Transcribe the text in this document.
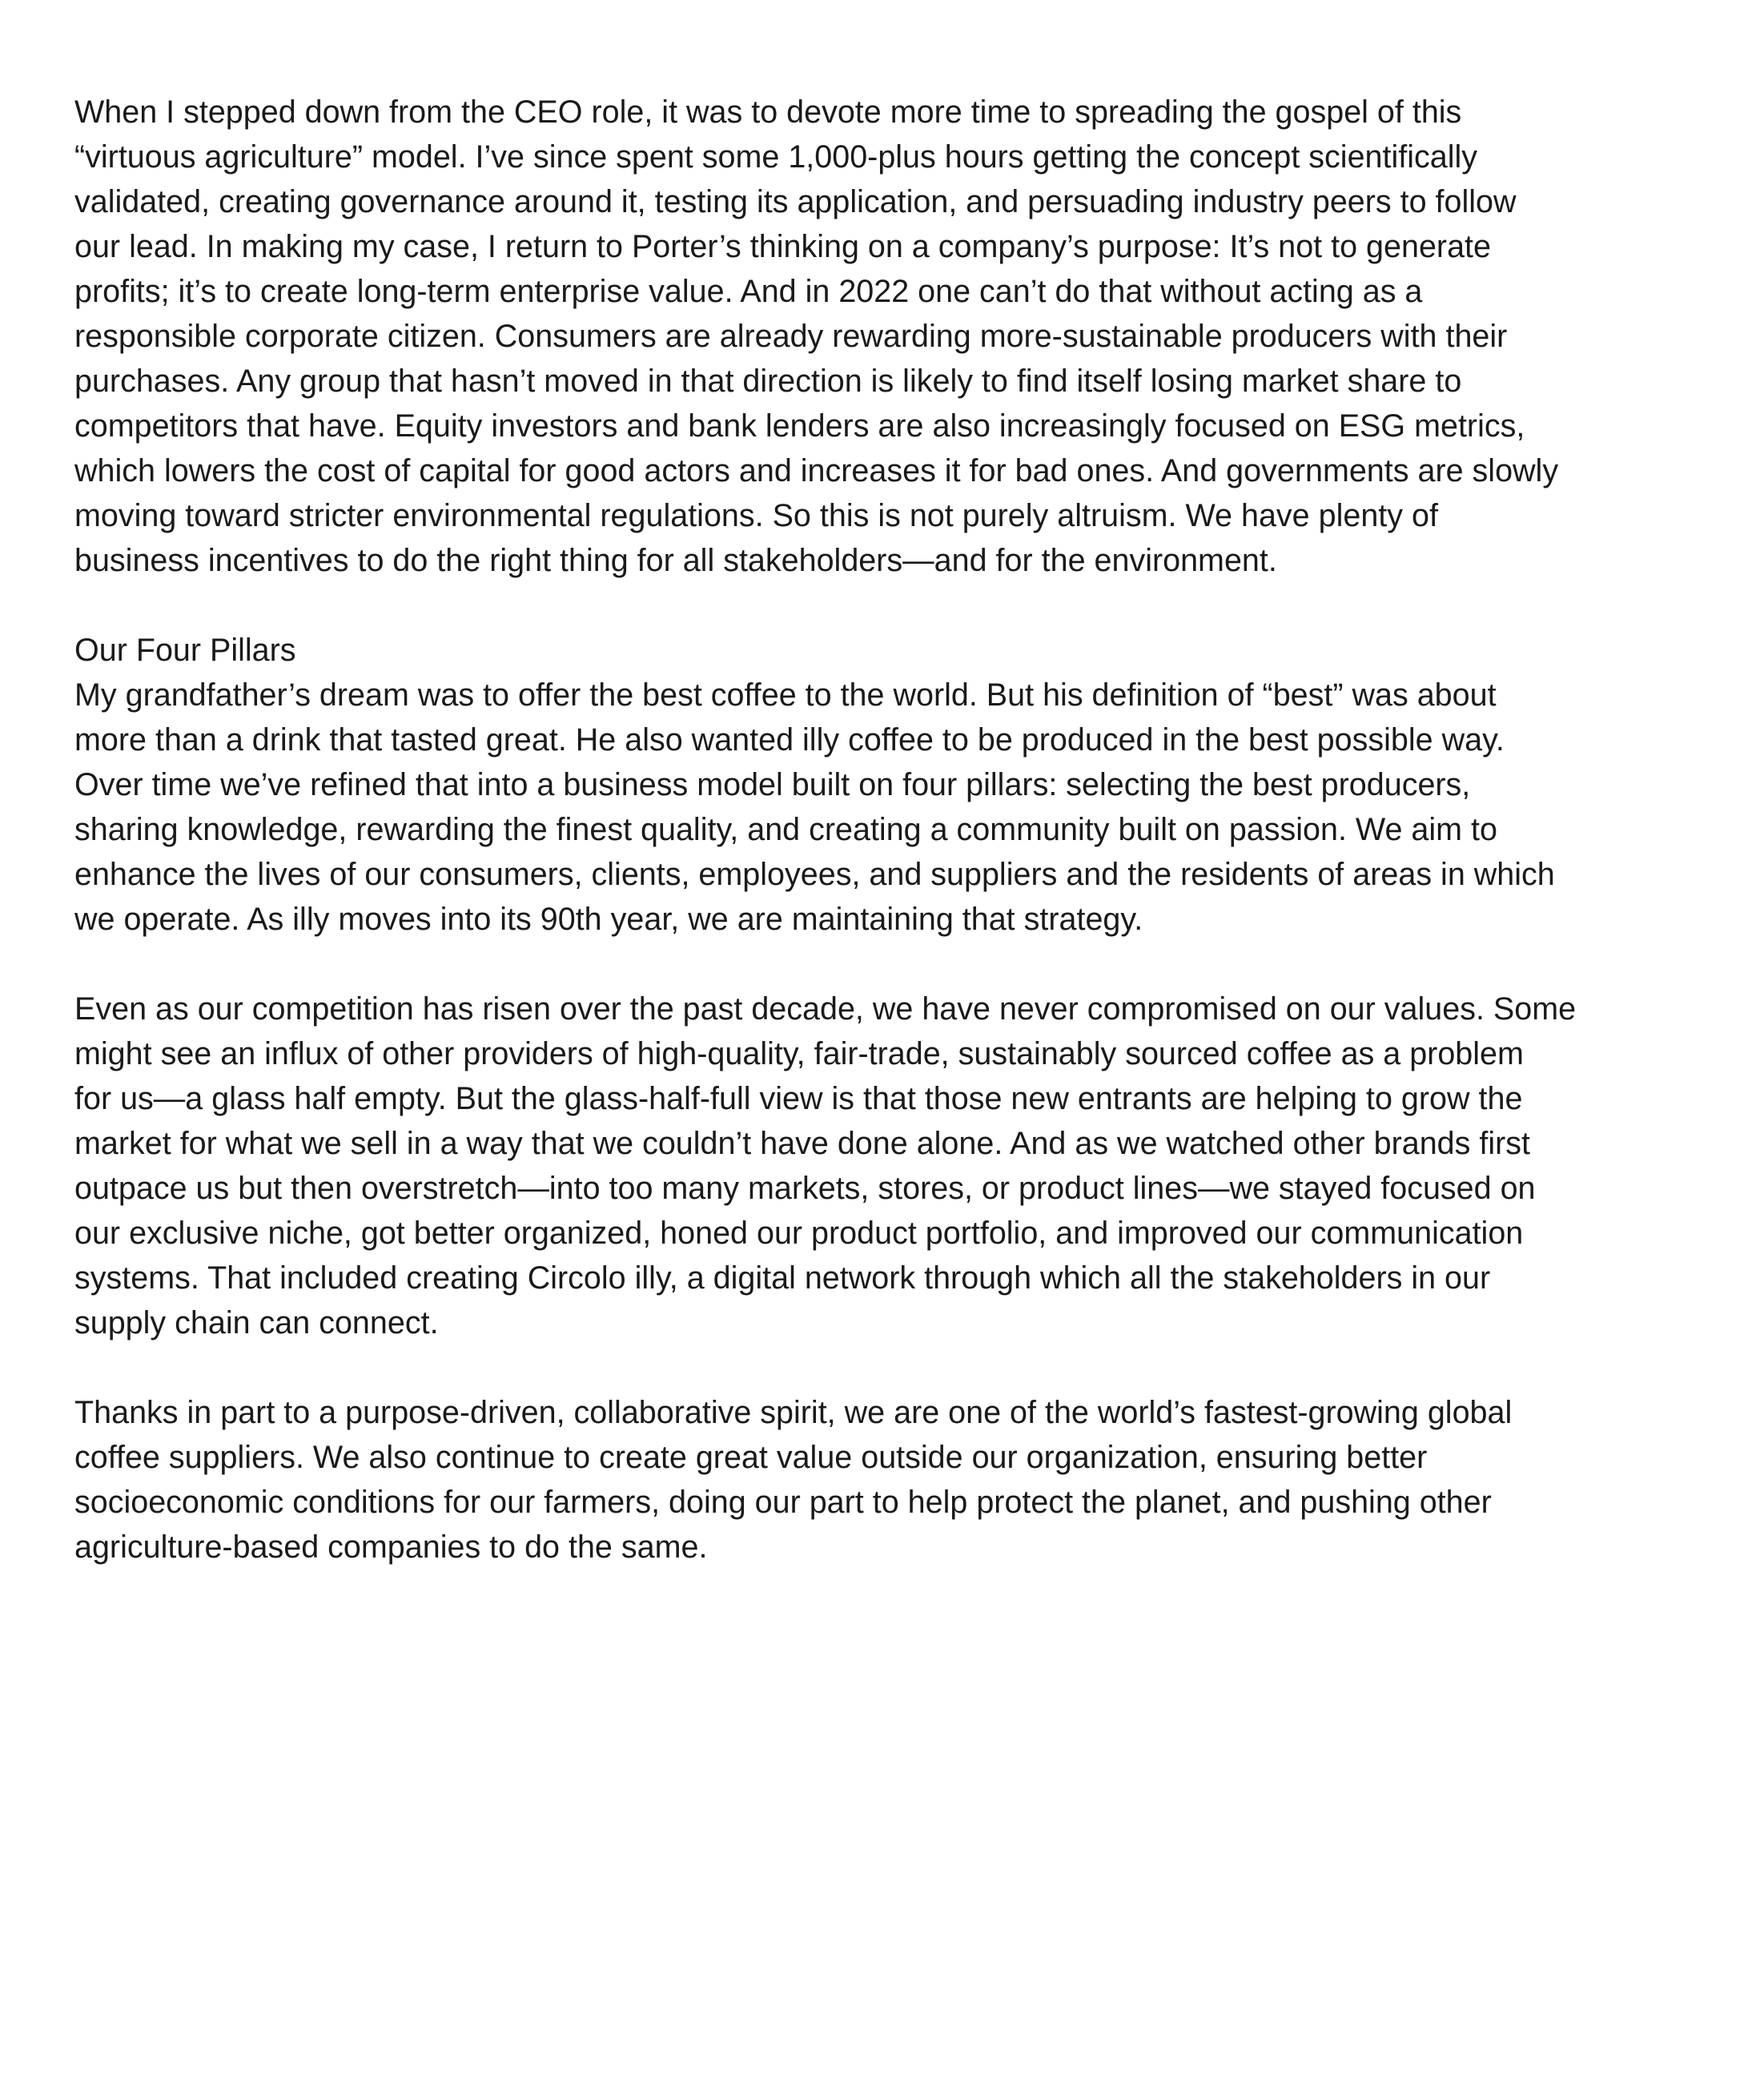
When I stepped down from the CEO role, it was to devote more time to spreading the gospel of this
“virtuous agriculture” model. I’ve since spent some 1,000-plus hours getting the concept scientifically
validated, creating governance around it, testing its application, and persuading industry peers to follow
our lead. In making my case, I return to Porter’s thinking on a company’s purpose: It’s not to generate
profits; it’s to create long-term enterprise value. And in 2022 one can’t do that without acting as a
responsible corporate citizen. Consumers are already rewarding more-sustainable producers with their
purchases. Any group that hasn’t moved in that direction is likely to find itself losing market share to
competitors that have. Equity investors and bank lenders are also increasingly focused on ESG metrics,
which lowers the cost of capital for good actors and increases it for bad ones. And governments are slowly
moving toward stricter environmental regulations. So this is not purely altruism. We have plenty of
business incentives to do the right thing for all stakeholders—and for the environment.

Our Four Pillars

My grandfather’s dream was to offer the best coffee to the world. But his definition of “best” was about
more than a drink that tasted great. He also wanted illy coffee to be produced in the best possible way.
Over time we’ve refined that into a business model built on four pillars: selecting the best producers,
sharing knowledge, rewarding the finest quality, and creating a community built on passion. We aim to
enhance the lives of our consumers, clients, employees, and suppliers and the residents of areas in which
we operate. As illy moves into its 90th year, we are maintaining that strategy.

Even as our competition has risen over the past decade, we have never compromised on our values. Some
might see an influx of other providers of high-quality, fair-trade, sustainably sourced coffee as a problem
for us—a glass half empty. But the glass-half-full view is that those new entrants are helping to grow the
market for what we sell in a way that we couldn’t have done alone. And as we watched other brands first
outpace us but then overstretch—into too many markets, stores, or product lines—we stayed focused on
our exclusive niche, got better organized, honed our product portfolio, and improved our communication
systems. That included creating Circolo illy, a digital network through which all the stakeholders in our
supply chain can connect.

Thanks in part to a purpose-driven, collaborative spirit, we are one of the world’s fastest-growing global
coffee suppliers. We also continue to create great value outside our organization, ensuring better
socioeconomic conditions for our farmers, doing our part to help protect the planet, and pushing other
agriculture-based companies to do the same.
